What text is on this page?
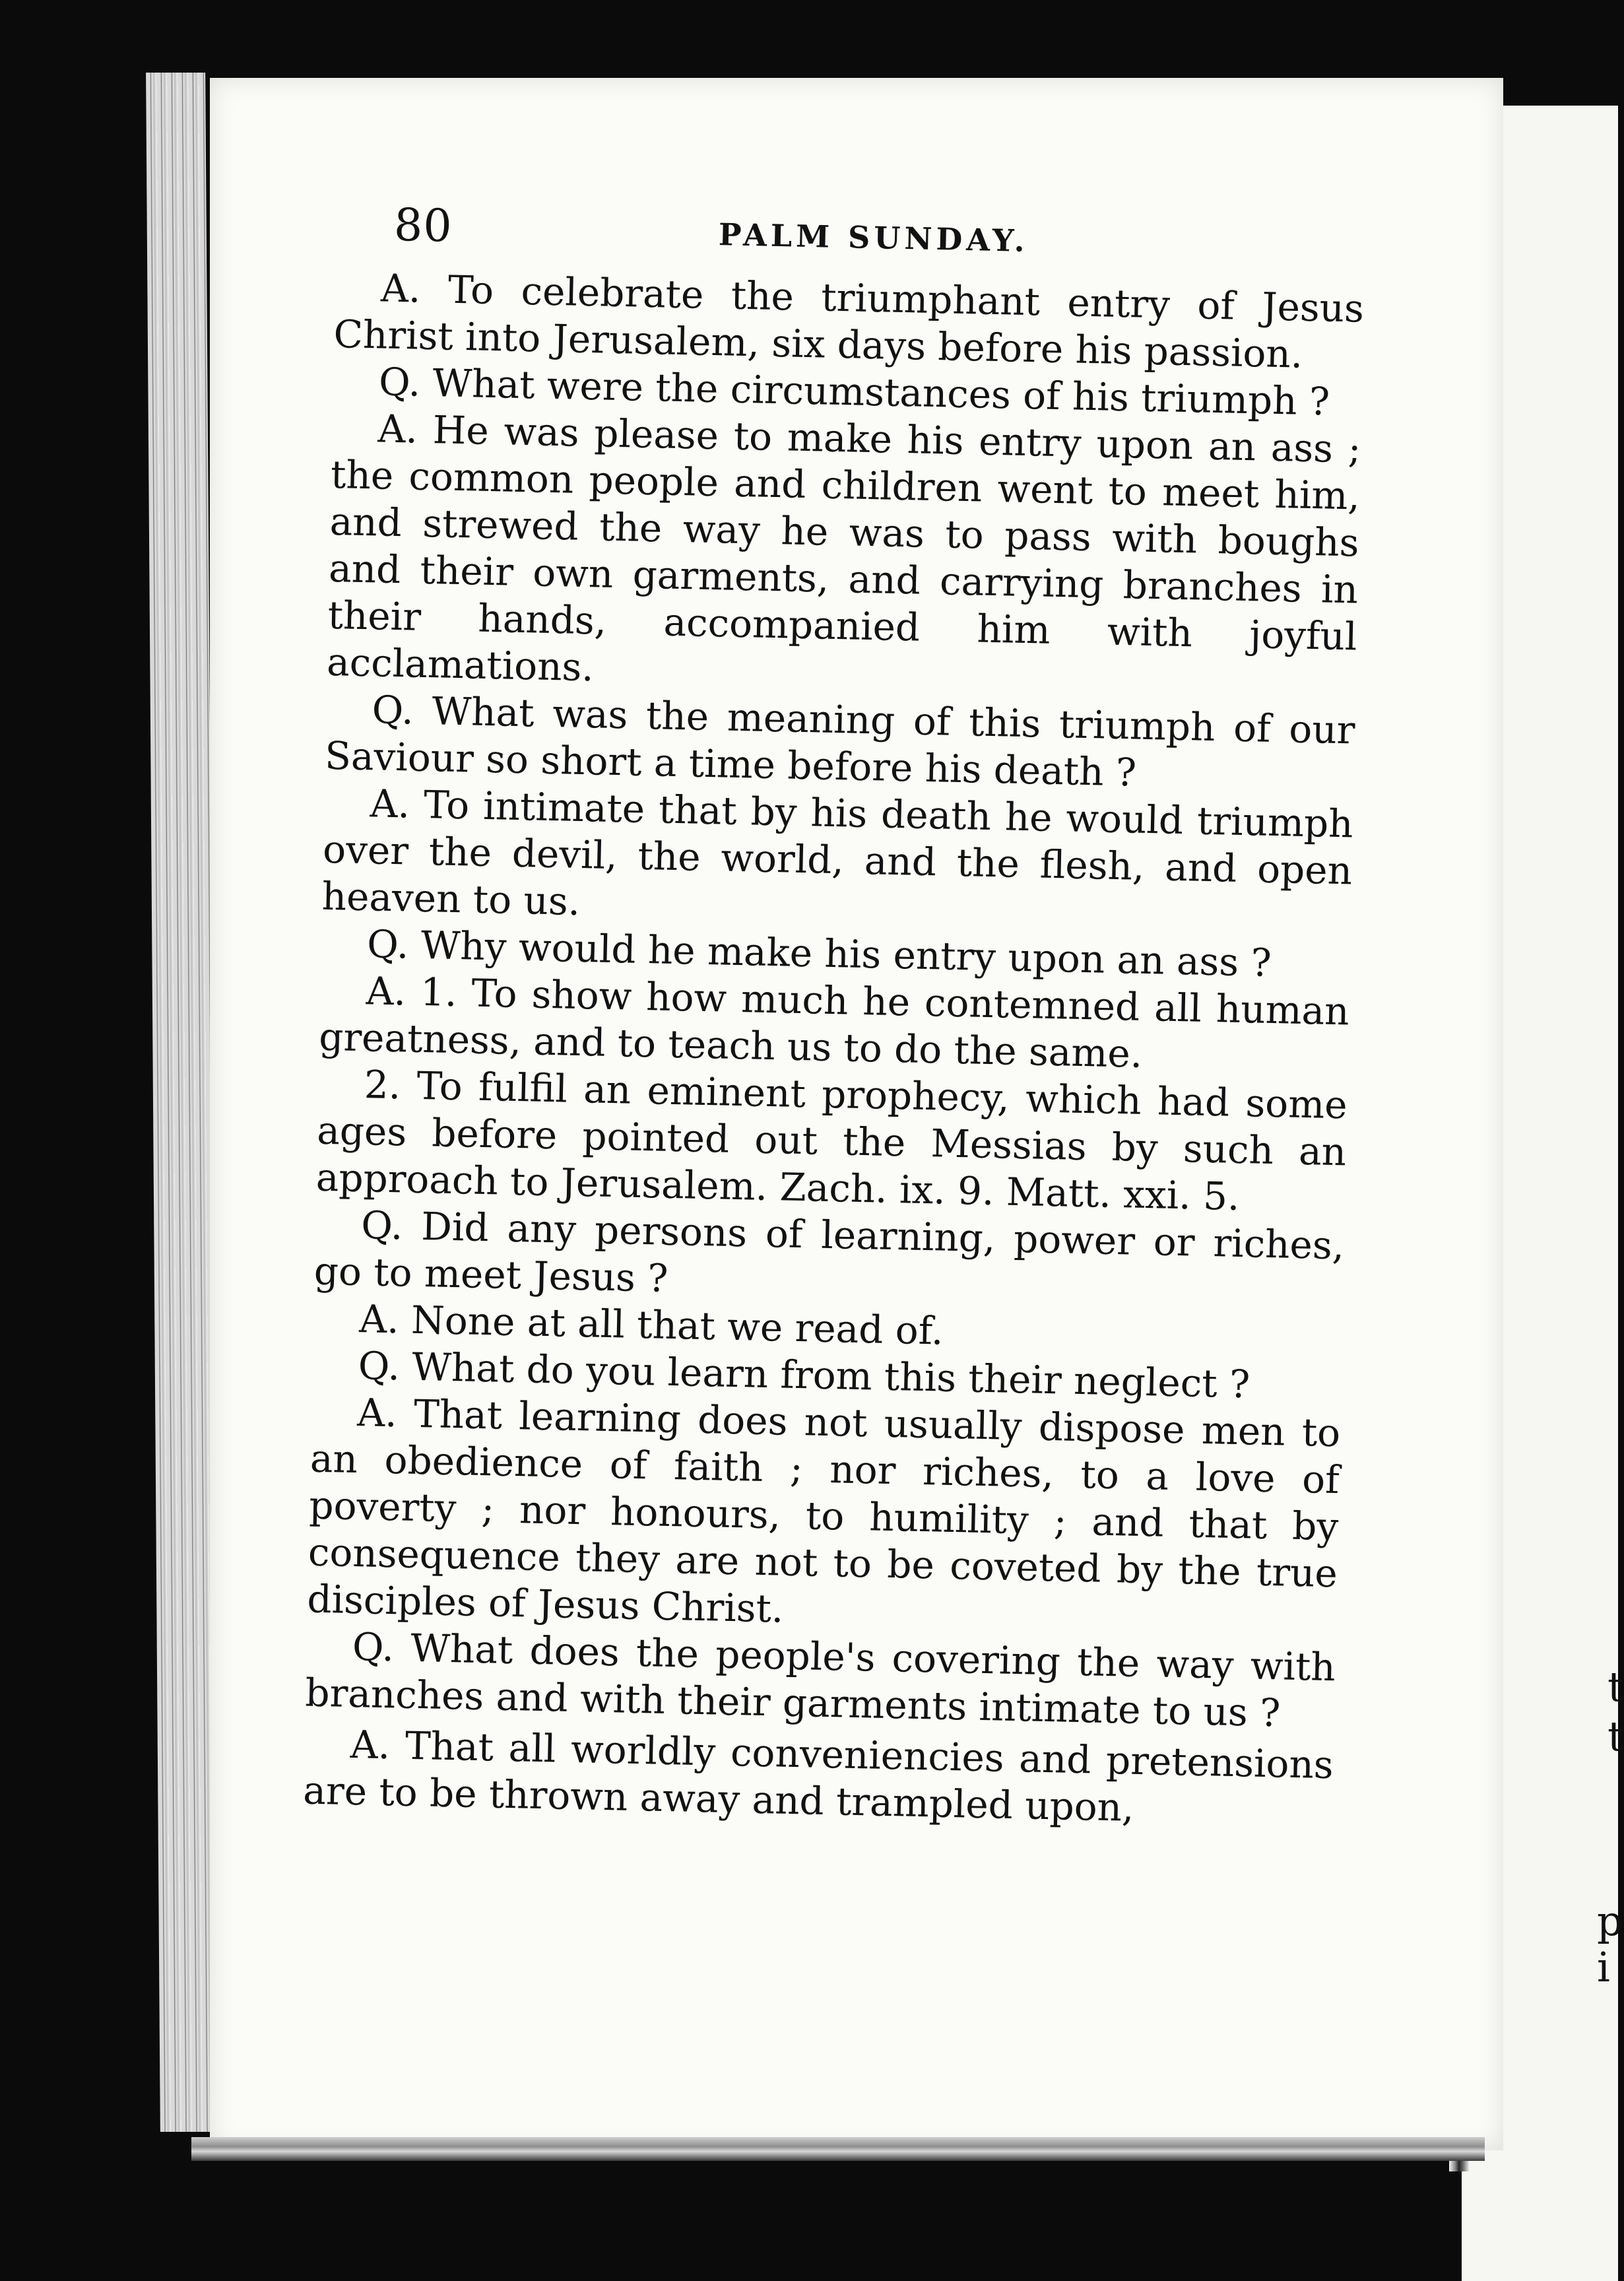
t
t
p
i
80	PALM SUNDAY.

A. To celebrate the triumphant entry of Jesus Christ into Jerusalem, six days before his passion.

Q. What were the circumstances of his triumph ?

A. He was please to make his entry upon an ass ; the common people and children went to meet him, and strewed the way he was to pass with boughs and their own garments, and carrying branches in their hands, accompanied him with joyful acclamations.

Q. What was the meaning of this triumph of our Saviour so short a time before his death ?

A. To intimate that by his death he would triumph over the devil, the world, and the flesh, and open heaven to us.

Q. Why would he make his entry upon an ass ?

A. 1. To show how much he contemned all human greatness, and to teach us to do the same.

2. To fulfil an eminent prophecy, which had some ages before pointed out the Messias by such an approach to Jerusalem. Zach. ix. 9. Matt. xxi. 5.

Q. Did any persons of learning, power or riches, go to meet Jesus ?

A. None at all that we read of.

Q. What do you learn from this their neglect ?

A. That learning does not usually dispose men to an obedience of faith ; nor riches, to a love of poverty ; nor honours, to humility ; and that by consequence they are not to be coveted by the true disciples of Jesus Christ.

Q. What does the people's covering the way with branches and with their garments intimate to us ?

A. That all worldly conveniencies and pretensions are to be thrown away and trampled upon,
